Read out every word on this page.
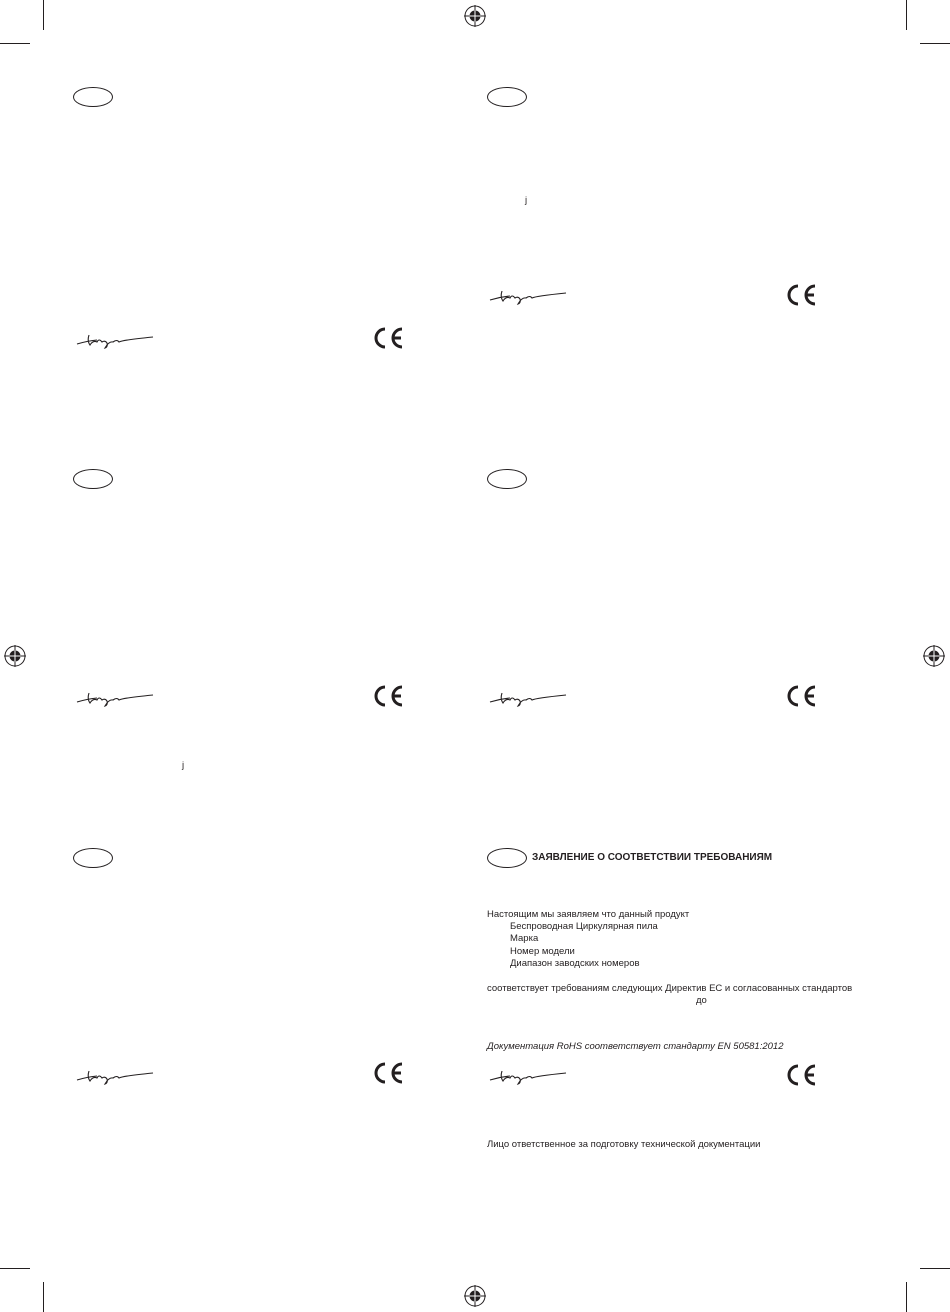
j
j
ЗАЯВЛЕНИЕ О СООТВЕТСТВИИ ТРЕБОВАНИЯМ
Настоящим мы заявляем что данный продукт
Беспроводная Циркулярная пила
Марка
Номер модели
Диапазон заводских номеров
соответствует требованиям следующих Директив ЕС и согласованных стандартов
до
Документация RoHS соответствует стандарту EN 50581:2012
Лицо ответственное за подготовку технической документации
